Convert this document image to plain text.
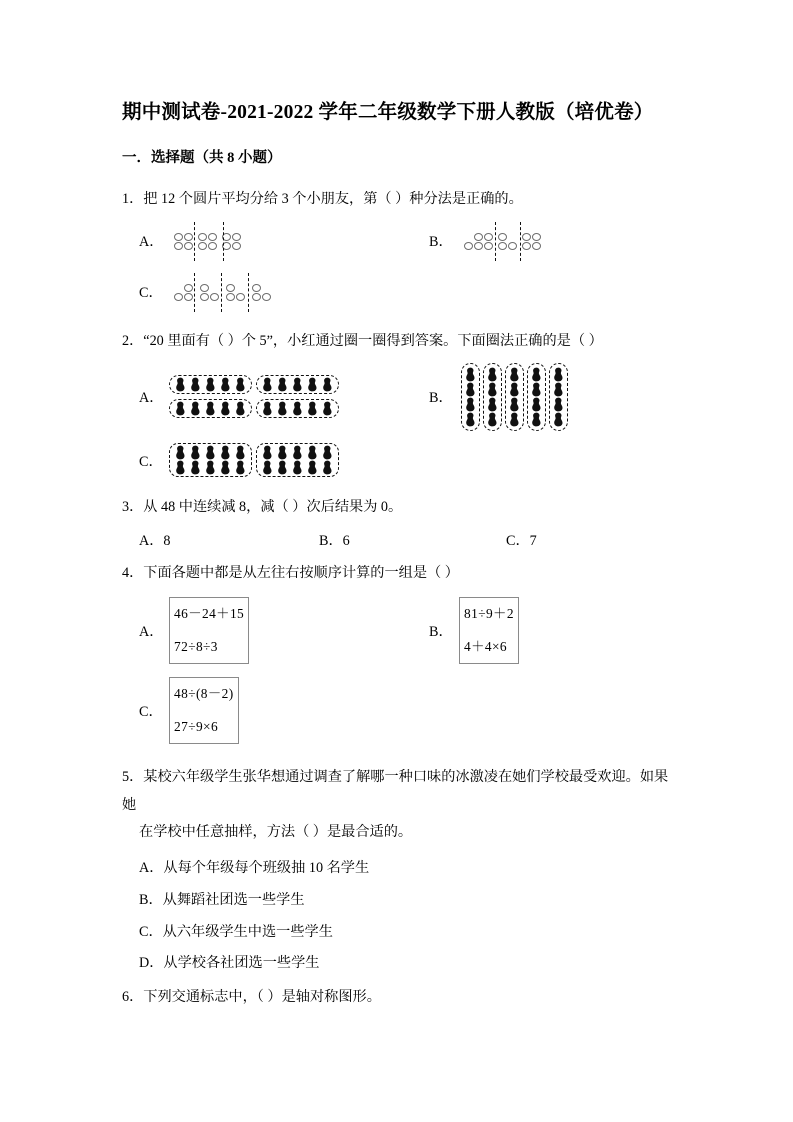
期中测试卷-2021-2022 学年二年级数学下册人教版（培优卷）
一．选择题（共 8 小题）
1．把 12 个圆片平均分给 3 个小朋友，第（ ）种分法是正确的。
A．	B．
C．
2．“20 里面有（ ）个 5”，小红通过圈一圈得到答案。下面圈法正确的是（ ）
A．

	B．
C．

3．从 48 中连续减 8，减（ ）次后结果为 0。
A．8	B．6	C．7
4．下面各题中都是从左往右按顺序计算的一组是（ ）
A．
46－24＋15
72÷8÷3
B．
81÷9＋2
4＋4×6
C．
48÷(8－2)
27÷9×6
5．某校六年级学生张华想通过调查了解哪一种口味的冰激凌在她们学校最受欢迎。如果她
在学校中任意抽样，方法（ ）是最合适的。
A．从每个年级每个班级抽 10 名学生
B．从舞蹈社团选一些学生
C．从六年级学生中选一些学生
D．从学校各社团选一些学生
6．下列交通标志中，（ ）是轴对称图形。
